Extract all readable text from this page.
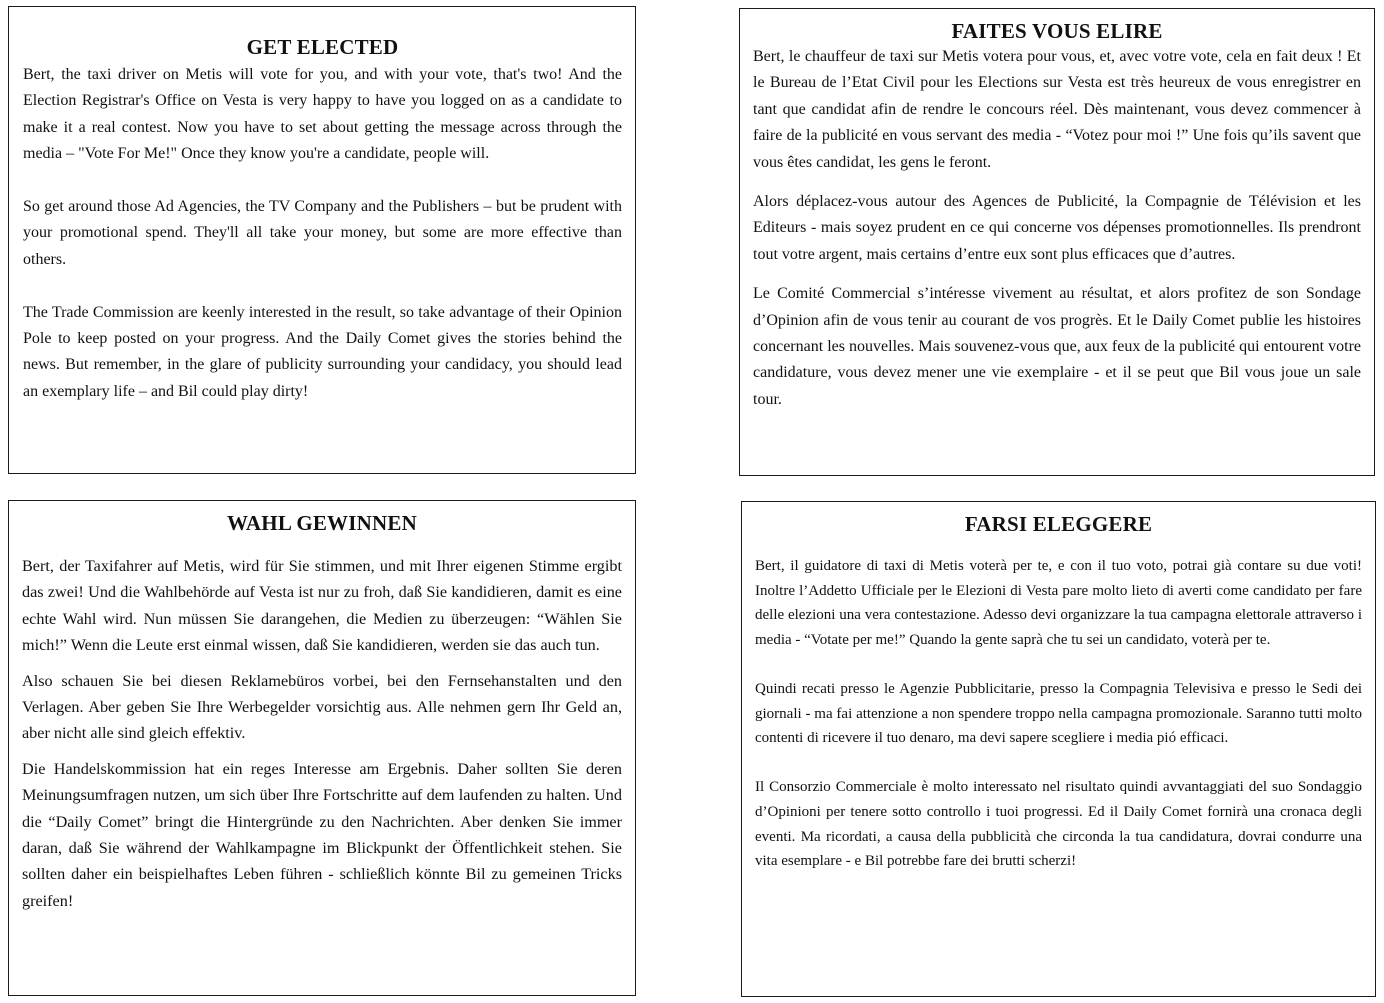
GET ELECTED

Bert, the taxi driver on Metis will vote for you, and with your vote, that's two! And the Election Registrar's Office on Vesta is very happy to have you logged on as a candidate to make it a real contest. Now you have to set about getting the message across through the media – "Vote For Me!" Once they know you're a candidate, people will.

So get around those Ad Agencies, the TV Company and the Publishers – but be prudent with your promotional spend. They'll all take your money, but some are more effective than others.

The Trade Commission are keenly interested in the result, so take advantage of their Opinion Pole to keep posted on your progress. And the Daily Comet gives the stories behind the news. But remember, in the glare of publicity surrounding your candidacy, you should lead an exemplary life – and Bil could play dirty!

FAITES VOUS ELIRE

Bert, le chauffeur de taxi sur Metis votera pour vous, et, avec votre vote, cela en fait deux ! Et le Bureau de l’Etat Civil pour les Elections sur Vesta est très heureux de vous enregistrer en tant que candidat afin de rendre le concours réel. Dès maintenant, vous devez commencer à faire de la publicité en vous servant des media - “Votez pour moi !” Une fois qu’ils savent que vous êtes candidat, les gens le feront.

Alors déplacez-vous autour des Agences de Publicité, la Compagnie de Télévision et les Editeurs - mais soyez prudent en ce qui concerne vos dépenses promotionnelles. Ils prendront tout votre argent, mais certains d’entre eux sont plus efficaces que d’autres.

Le Comité Commercial s’intéresse vivement au résultat, et alors profitez de son Sondage d’Opinion afin de vous tenir au courant de vos progrès. Et le Daily Comet publie les histoires concernant les nouvelles. Mais souvenez-vous que, aux feux de la publicité qui entourent votre candidature, vous devez mener une vie exemplaire - et il se peut que Bil vous joue un sale tour.

WAHL GEWINNEN

Bert, der Taxifahrer auf Metis, wird für Sie stimmen, und mit Ihrer eigenen Stimme ergibt das zwei! Und die Wahlbehörde auf Vesta ist nur zu froh, daß Sie kandidieren, damit es eine echte Wahl wird. Nun müssen Sie darangehen, die Medien zu überzeugen: “Wählen Sie mich!” Wenn die Leute erst einmal wissen, daß Sie kandidieren, werden sie das auch tun.

Also schauen Sie bei diesen Reklamebüros vorbei, bei den Fernsehanstalten und den Verlagen. Aber geben Sie Ihre Werbegelder vorsichtig aus. Alle nehmen gern Ihr Geld an, aber nicht alle sind gleich effektiv.

Die Handelskommission hat ein reges Interesse am Ergebnis. Daher sollten Sie deren Meinungsumfragen nutzen, um sich über Ihre Fortschritte auf dem laufenden zu halten. Und die “Daily Comet” bringt die Hintergründe zu den Nachrichten. Aber denken Sie immer daran, daß Sie während der Wahlkampagne im Blickpunkt der Öffentlichkeit stehen. Sie sollten daher ein beispielhaftes Leben führen - schließlich könnte Bil zu gemeinen Tricks greifen!

FARSI ELEGGERE

Bert, il guidatore di taxi di Metis voterà per te, e con il tuo voto, potrai già contare su due voti! Inoltre l’Addetto Ufficiale per le Elezioni di Vesta pare molto lieto di averti come candidato per fare delle elezioni una vera contestazione. Adesso devi organizzare la tua campagna elettorale attraverso i media - “Votate per me!” Quando la gente saprà che tu sei un candidato, voterà per te.

Quindi recati presso le Agenzie Pubblicitarie, presso la Compagnia Televisiva e presso le Sedi dei giornali - ma fai attenzione a non spendere troppo nella campagna promozionale. Saranno tutti molto contenti di ricevere il tuo denaro, ma devi sapere scegliere i media pió efficaci.

Il Consorzio Commerciale è molto interessato nel risultato quindi avvantaggiati del suo Sondaggio d’Opinioni per tenere sotto controllo i tuoi progressi. Ed il Daily Comet fornirà una cronaca degli eventi. Ma ricordati, a causa della pubblicità che circonda la tua candidatura, dovrai condurre una vita esemplare - e Bil potrebbe fare dei brutti scherzi!
